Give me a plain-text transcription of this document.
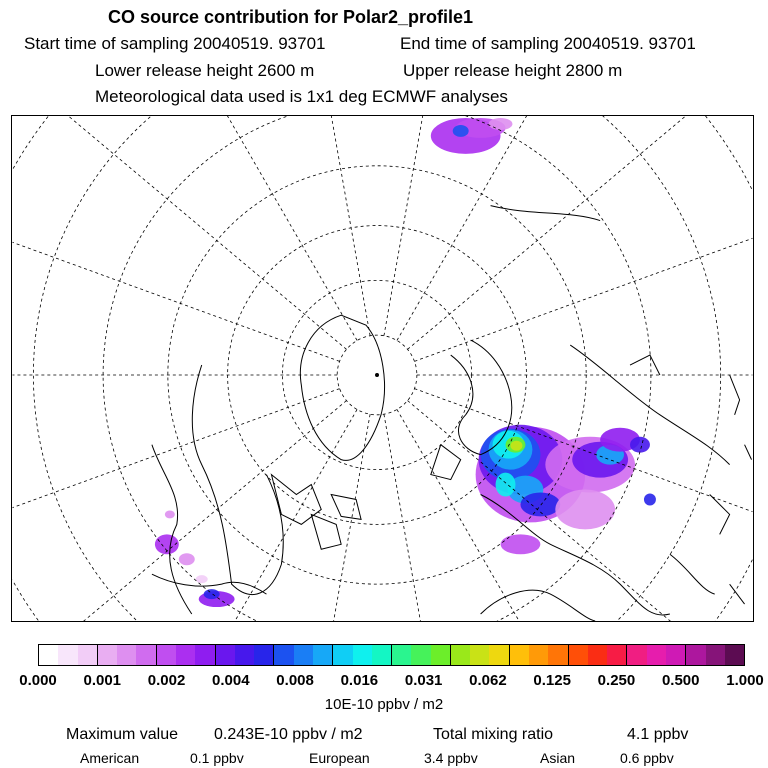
CO source contribution for Polar2_profile1
Start time of sampling 20040519. 93701	End time of sampling 20040519. 93701
Lower release height 2600 m	Upper release height 2800 m
Meteorological data used is 1x1 deg ECMWF analyses
0.000 0.001 0.002 0.004 0.008 0.016 0.031 0.062 0.125 0.250 0.500 1.000
10E-10 ppbv / m2
Maximum value 0.243E-10 ppbv / m2	Total mixing ratio	4.1 ppbv
American	0.1 ppbv	European	3.4 ppbv	Asian	0.6 ppbv
